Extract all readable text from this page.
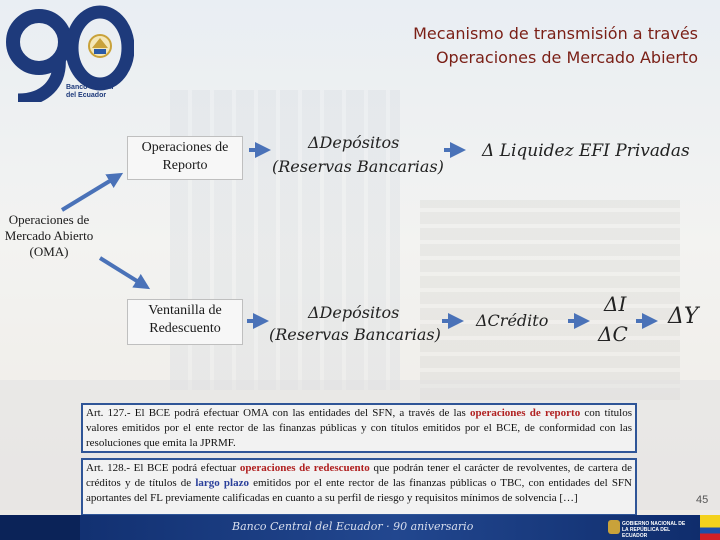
Banco Central
del Ecuador
Mecanismo de transmisión a través
Operaciones de Mercado Abierto
Operaciones de Reporto
Ventanilla de Redescuento
Operaciones de Mercado Abierto (OMA)
ΔDepósitos
(Reservas Bancarias)
Δ Liquidez EFI Privadas
ΔDepósitos
(Reservas Bancarias)
ΔCrédito
ΔI
ΔC
ΔY
Art. 127.- El BCE podrá efectuar OMA con las entidades del SFN, a través de las operaciones de reporto con títulos valores emitidos por el ente rector de las finanzas públicas y con títulos emitidos por el BCE, de conformidad con las resoluciones que emita la JPRMF.
Art. 128.- El BCE podrá efectuar operaciones de redescuento que podrán tener el carácter de revolventes, de cartera de créditos y de títulos de largo plazo emitidos por el ente rector de las finanzas públicas o TBC, con entidades del SFN aportantes del FL previamente calificadas en cuanto a su perfil de riesgo y requisitos mínimos de solvencia […]	45
Banco Central del Ecuador · 90 aniversario	GOBIERNO NACIONAL DE LA REPÚBLICA DEL ECUADOR
